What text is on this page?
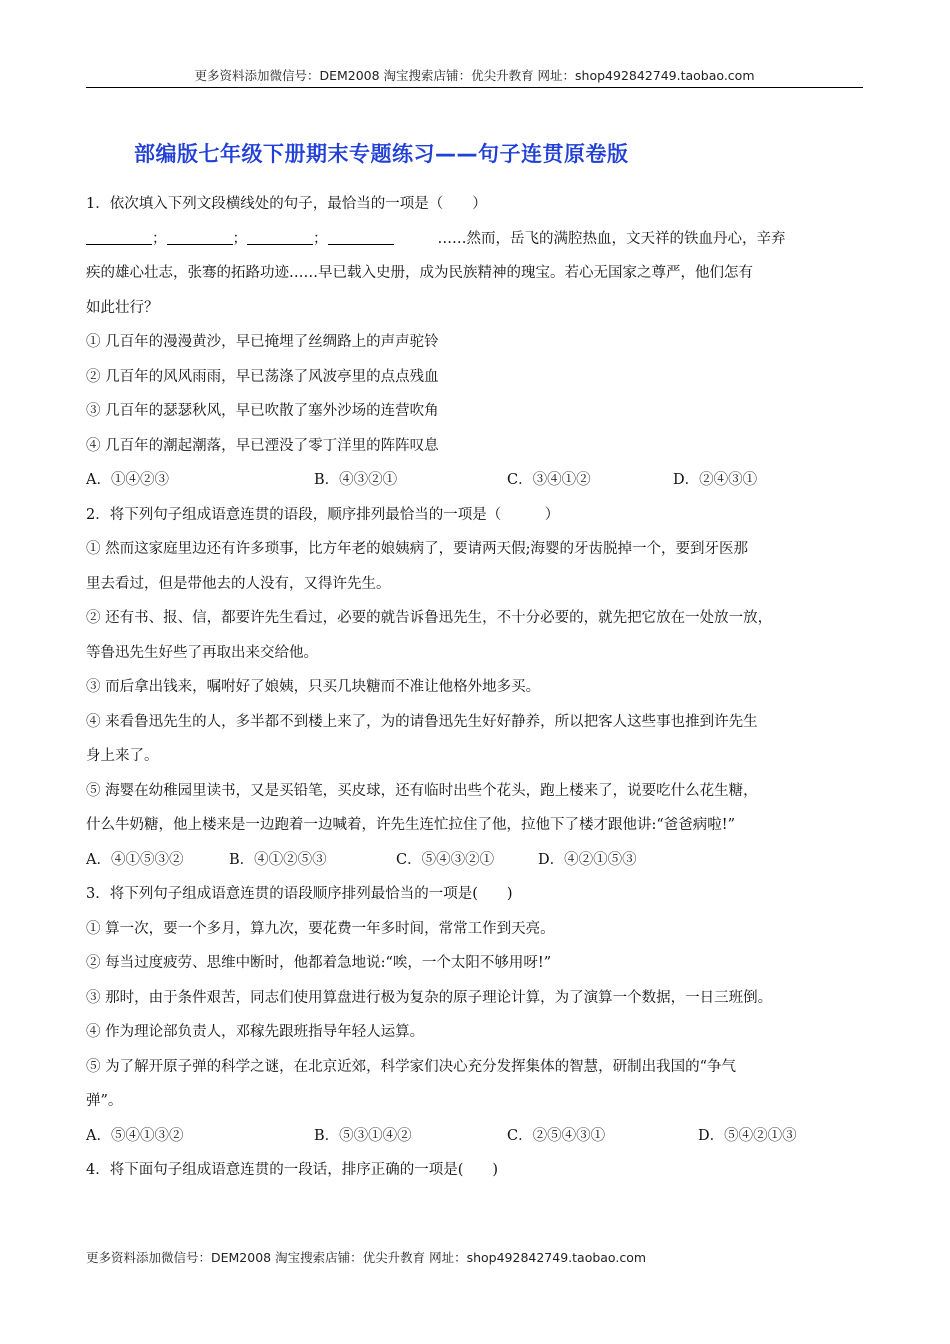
更多资料添加微信号：DEM2008 淘宝搜索店铺：优尖升教育 网址：shop492842749.taobao.com
部编版七年级下册期末专题练习——句子连贯原卷版
1．依次填入下列文段横线处的句子，最恰当的一项是（　　）
；	；	；	……然而，岳飞的满腔热血，文天祥的铁血丹心，辛弃
疾的雄心壮志，张骞的拓路功迹……早已载入史册，成为民族精神的瑰宝。若心无国家之尊严，他们怎有
如此壮行？
① 几百年的漫漫黄沙，早已掩埋了丝绸路上的声声驼铃
② 几百年的风风雨雨，早已荡涤了风波亭里的点点残血
③ 几百年的瑟瑟秋风，早已吹散了塞外沙场的连营吹角
④ 几百年的潮起潮落，早已湮没了零丁洋里的阵阵叹息
A．①④②③	B．④③②①	C．③④①②	D．②④③①
2．将下列句子组成语意连贯的语段，顺序排列最恰当的一项是（　　　）
① 然而这家庭里边还有许多琐事，比方年老的娘姨病了，要请两天假;海婴的牙齿脱掉一个，要到牙医那
里去看过，但是带他去的人没有，又得许先生。
② 还有书、报、信，都要许先生看过，必要的就告诉鲁迅先生，不十分必要的，就先把它放在一处放一放，
等鲁迅先生好些了再取出来交给他。
③ 而后拿出钱来，嘱咐好了娘姨，只买几块糖而不准让他格外地多买。
④ 来看鲁迅先生的人，多半都不到楼上来了，为的请鲁迅先生好好静养，所以把客人这些事也推到许先生
身上来了。
⑤ 海婴在幼稚园里读书，又是买铅笔，买皮球，还有临时出些个花头，跑上楼来了，说要吃什么花生糖，
什么牛奶糖，他上楼来是一边跑着一边喊着，许先生连忙拉住了他，拉他下了楼才跟他讲:“爸爸病啦!”
A．④①⑤③②	B．④①②⑤③	C．⑤④③②①	D．④②①⑤③
3．将下列句子组成语意连贯的语段顺序排列最恰当的一项是(　　)
① 算一次，要一个多月，算九次，要花费一年多时间，常常工作到天亮。
② 每当过度疲劳、思维中断时，他都着急地说:“唉，一个太阳不够用呀!”
③ 那时，由于条件艰苦，同志们使用算盘进行极为复杂的原子理论计算，为了演算一个数据，一日三班倒。
④ 作为理论部负责人，邓稼先跟班指导年轻人运算。
⑤ 为了解开原子弹的科学之谜，在北京近郊，科学家们决心充分发挥集体的智慧，研制出我国的“争气
弹”。
A．⑤④①③②	B．⑤③①④②	C．②⑤④③①	D．⑤④②①③
4．将下面句子组成语意连贯的一段话，排序正确的一项是(　　)
更多资料添加微信号：DEM2008 淘宝搜索店铺：优尖升教育 网址：shop492842749.taobao.com
